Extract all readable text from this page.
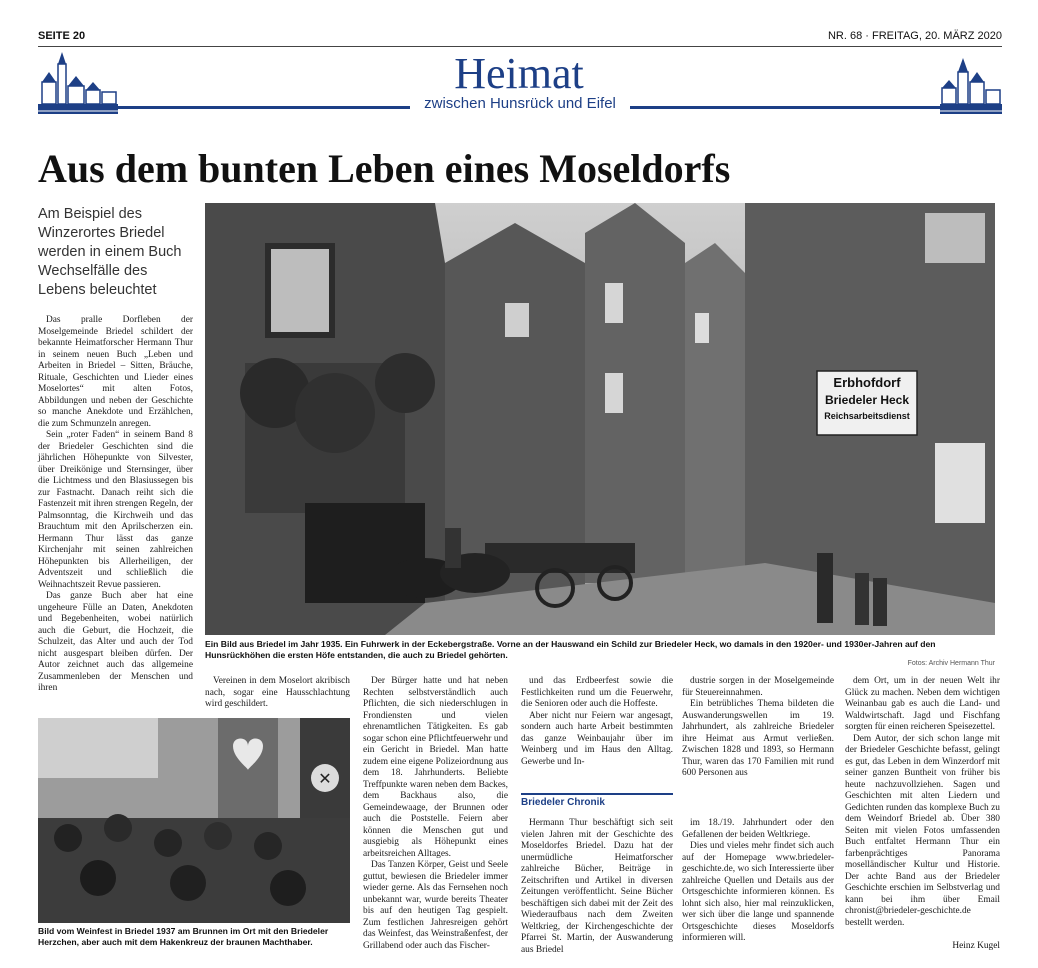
SEITE 20	NR. 68 · FREITAG, 20. MÄRZ 2020
Heimat
zwischen Hunsrück und Eifel
Aus dem bunten Leben eines Moseldorfs
Am Beispiel des Winzerortes Briedel werden in einem Buch Wechselfälle des Lebens beleuchtet

Das pralle Dorfleben der Moselgemeinde Briedel schildert der bekannte Heimatforscher Hermann Thur in seinem neuen Buch „Leben und Arbeiten in Briedel – Sitten, Bräuche, Rituale, Geschichten und Lieder eines Moselortes“ mit alten Fotos, Abbildungen und neben der Geschichte so manche Anekdote und Erzählchen, die zum Schmunzeln anregen.

Sein „roter Faden“ in seinem Band 8 der Briedeler Geschichten sind die jährlichen Höhepunkte von Silvester, über Dreikönige und Sternsinger, über die Lichtmess und den Blasiussegen bis zur Fastnacht. Danach reiht sich die Fastenzeit mit ihren strengen Regeln, der Palmsonntag, die Kirchweih und das Brauchtum mit den Aprilscherzen ein. Hermann Thur lässt das ganze Kirchenjahr mit seinen zahlreichen Höhepunkten bis Allerheiligen, der Adventszeit und schließlich die Weihnachtszeit Revue passieren.

Das ganze Buch aber hat eine ungeheure Fülle an Daten, Anekdoten und Begebenheiten, wobei natürlich auch die Geburt, die Hochzeit, die Schulzeit, das Alter und auch der Tod nicht ausgespart bleiben dürfen. Der Autor zeichnet auch das allgemeine Zusammenleben der Menschen und ihren

Erbhofdorf
Briedeler Heck
Reichsarbeitsdienst
Ein Bild aus Briedel im Jahr 1935. Ein Fuhrwerk in der Eckebergstraße. Vorne an der Hauswand ein Schild zur Briedeler Heck, wo damals in den 1920er- und 1930er-Jahren auf den Hunsrückhöhen die ersten Höfe entstanden, die auch zu Briedel gehörten.
Fotos: Archiv Hermann Thur
✕
Bild vom Weinfest in Briedel 1937 am Brunnen im Ort mit den Briedeler Herzchen, aber auch mit dem Hakenkreuz der braunen Machthaber.

Vereinen in dem Moselort akribisch nach, sogar eine Hausschlachtung wird geschildert.

Der Bürger hatte und hat neben Rechten selbstverständlich auch Pflichten, die sich niederschlugen in Frondiensten und vielen ehrenamtlichen Tätigkeiten. Es gab sogar schon eine Pflichtfeuerwehr und ein Gericht in Briedel. Man hatte zudem eine eigene Polizeiordnung aus dem 18. Jahrhunderts. Beliebte Treffpunkte waren neben dem Backes, dem Backhaus also, die Gemeindewaage, der Brunnen oder auch die Poststelle. Feiern aber können die Menschen gut und ausgiebig als Höhepunkt eines arbeitsreichen Alltages.

Das Tanzen Körper, Geist und Seele guttut, bewiesen die Briedeler immer wieder gerne. Als das Fernsehen noch unbekannt war, wurde bereits Theater bis auf den heutigen Tag gespielt. Zum festlichen Jahresreigen gehört das Weinfest, das Weinstraßenfest, der Grillabend oder auch das Fischer-

und das Erdbeerfest sowie die Festlichkeiten rund um die Feuerwehr, die Senioren oder auch die Hoffeste.

Aber nicht nur Feiern war angesagt, sondern auch harte Arbeit bestimmten das ganze Weinbaujahr über im Weinberg und im Haus den Alltag. Gewerbe und In-

Briedeler Chronik

Hermann Thur beschäftigt sich seit vielen Jahren mit der Geschichte des Moseldorfes Briedel. Dazu hat der unermüdliche Heimatforscher zahlreiche Bücher, Beiträge in Zeitschriften und Artikel in diversen Zeitungen veröffentlicht. Seine Bücher beschäftigen sich dabei mit der Zeit des Wiederaufbaus nach dem Zweiten Weltkrieg, der Kirchengeschichte der Pfarrei St. Martin, der Auswanderung aus Briedel

dustrie sorgen in der Moselgemeinde für Steuereinnahmen.

Ein betrübliches Thema bildeten die Auswanderungswellen im 19. Jahrhundert, als zahlreiche Briedeler ihre Heimat aus Armut verließen. Zwischen 1828 und 1893, so Hermann Thur, waren das 170 Familien mit rund 600 Personen aus

im 18./19. Jahrhundert oder den Gefallenen der beiden Weltkriege.

Dies und vieles mehr findet sich auch auf der Homepage www.briedeler-geschichte.de, wo sich Interessierte über zahlreiche Quellen und Details aus der Ortsgeschichte informieren können. Es lohnt sich also, hier mal reinzuklicken, wer sich über die lange und spannende Ortsgeschichte dieses Moseldorfs informieren will.

dem Ort, um in der neuen Welt ihr Glück zu machen. Neben dem wichtigen Weinanbau gab es auch die Land- und Waldwirtschaft. Jagd und Fischfang sorgten für einen reicheren Speisezettel.

Dem Autor, der sich schon lange mit der Briedeler Geschichte befasst, gelingt es gut, das Leben in dem Winzerdorf mit seiner ganzen Buntheit von früher bis heute nachzuvollziehen. Sagen und Geschichten mit alten Liedern und Gedichten runden das komplexe Buch zu dem Weindorf Briedel ab. Über 380 Seiten mit vielen Fotos umfassenden Buch entfaltet Hermann Thur ein farbenprächtiges Panorama moselländischer Kultur und Historie. Der achte Band aus der Briedeler Geschichte erschien im Selbstverlag und kann bei ihm über Email chronist@briedeler-geschichte.de bestellt werden.

Heinz Kugel
